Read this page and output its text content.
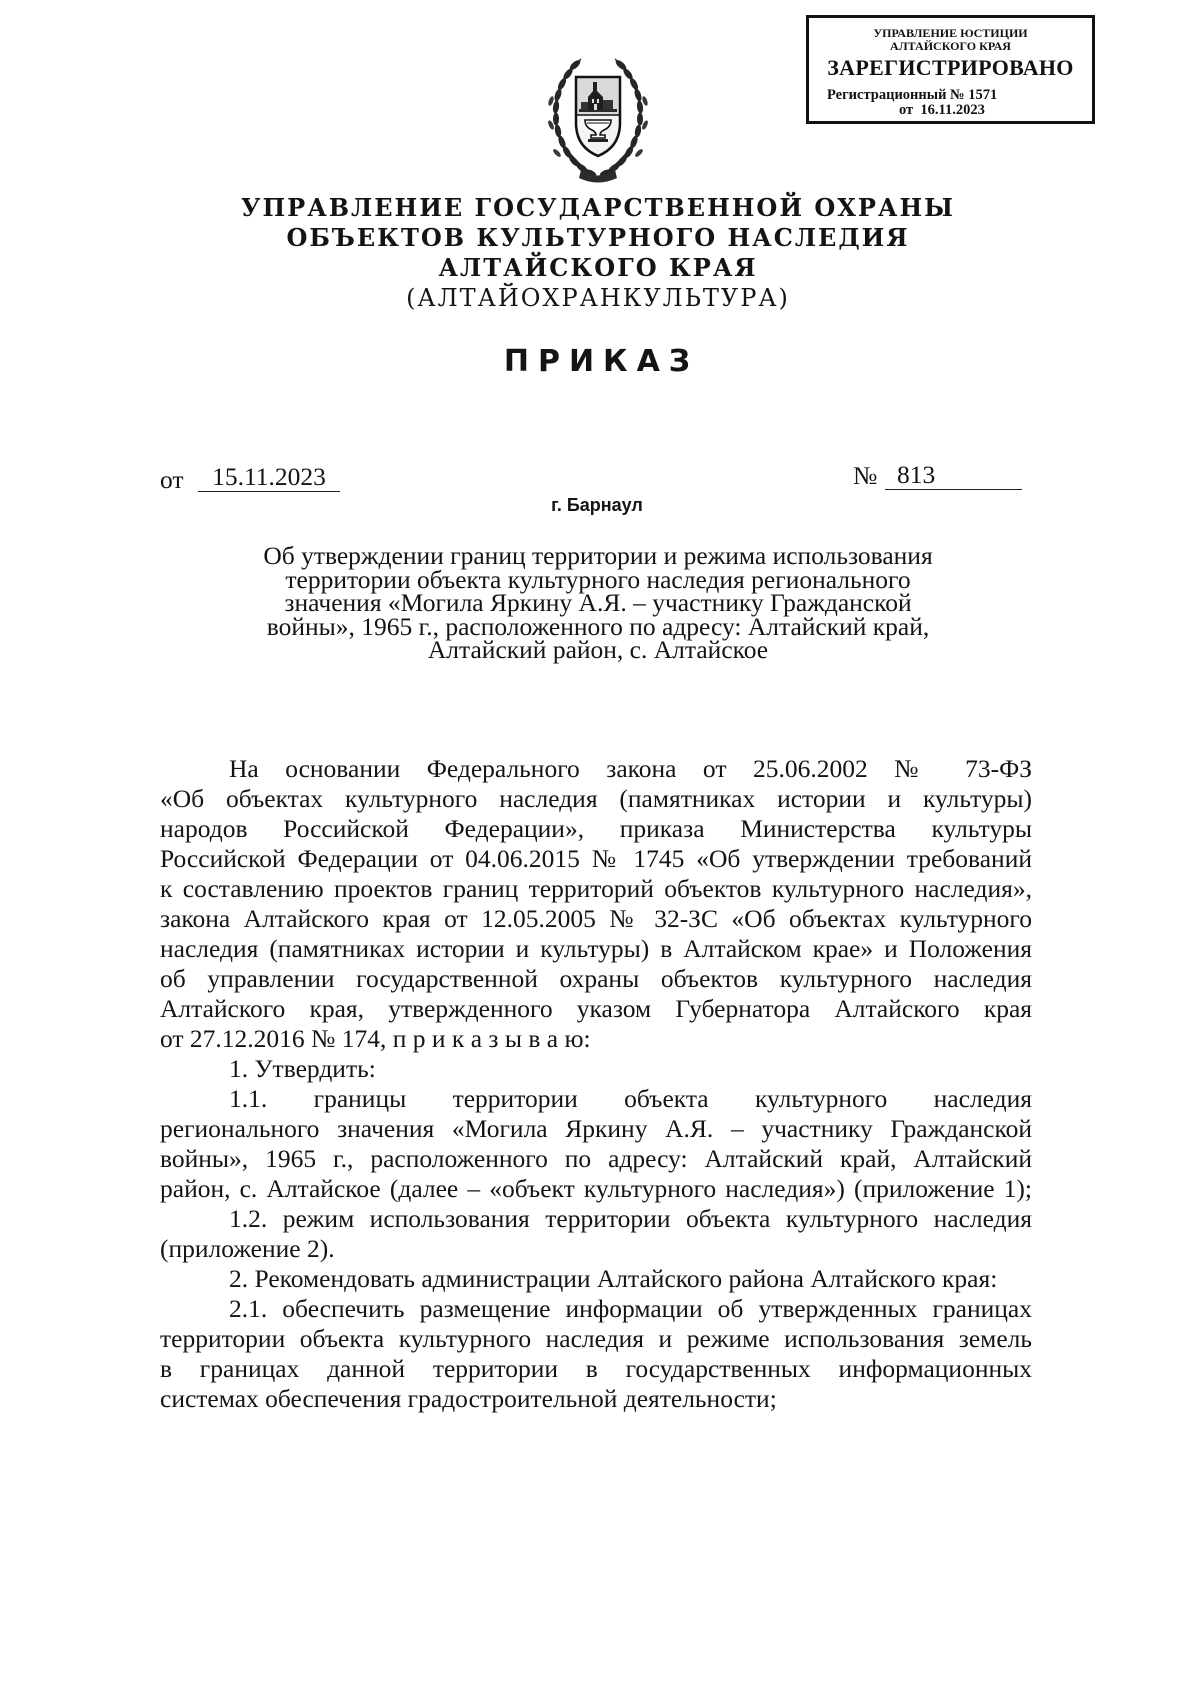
УПРАВЛЕНИЕ ЮСТИЦИИ
АЛТАЙСКОГО КРАЯ
ЗАРЕГИСТРИРОВАНО
Регистрационный № 1571
от  16.11.2023
УПРАВЛЕНИЕ ГОСУДАРСТВЕННОЙ ОХРАНЫ
ОБЪЕКТОВ КУЛЬТУРНОГО НАСЛЕДИЯ
АЛТАЙСКОГО КРАЯ
(АЛТАЙОХРАНКУЛЬТУРА)
ПРИКАЗ
от	15.11.2023	№ 813
г. Барнаул
Об утверждении границ территории и режима использования
территории объекта культурного наследия регионального
значения «Могила Яркину А.Я. – участнику Гражданской
войны», 1965 г., расположенного по адресу: Алтайский край,
Алтайский район, с. Алтайское
На основании Федерального закона от 25.06.2002 № 73-ФЗ
«Об объектах культурного наследия (памятниках истории и культуры)
народов Российской Федерации», приказа Министерства культуры
Российской Федерации от 04.06.2015 № 1745 «Об утверждении требований
к составлению проектов границ территорий объектов культурного наследия»,
закона Алтайского края от 12.05.2005 № 32-ЗС «Об объектах культурного
наследия (памятниках истории и культуры) в Алтайском крае» и Положения
об управлении государственной охраны объектов культурного наследия
Алтайского края, утвержденного указом Губернатора Алтайского края
от 27.12.2016 № 174, п р и к а з ы в а ю:
1. Утвердить:
1.1. границы территории объекта культурного наследия
регионального значения «Могила Яркину А.Я. – участнику Гражданской
войны», 1965 г., расположенного по адресу: Алтайский край, Алтайский
район, с. Алтайское (далее – «объект культурного наследия») (приложение 1);
1.2. режим использования территории объекта культурного наследия
(приложение 2).
2. Рекомендовать администрации Алтайского района Алтайского края:
2.1. обеспечить размещение информации об утвержденных границах
территории объекта культурного наследия и режиме использования земель
в границах данной территории в государственных информационных
системах обеспечения градостроительной деятельности;
